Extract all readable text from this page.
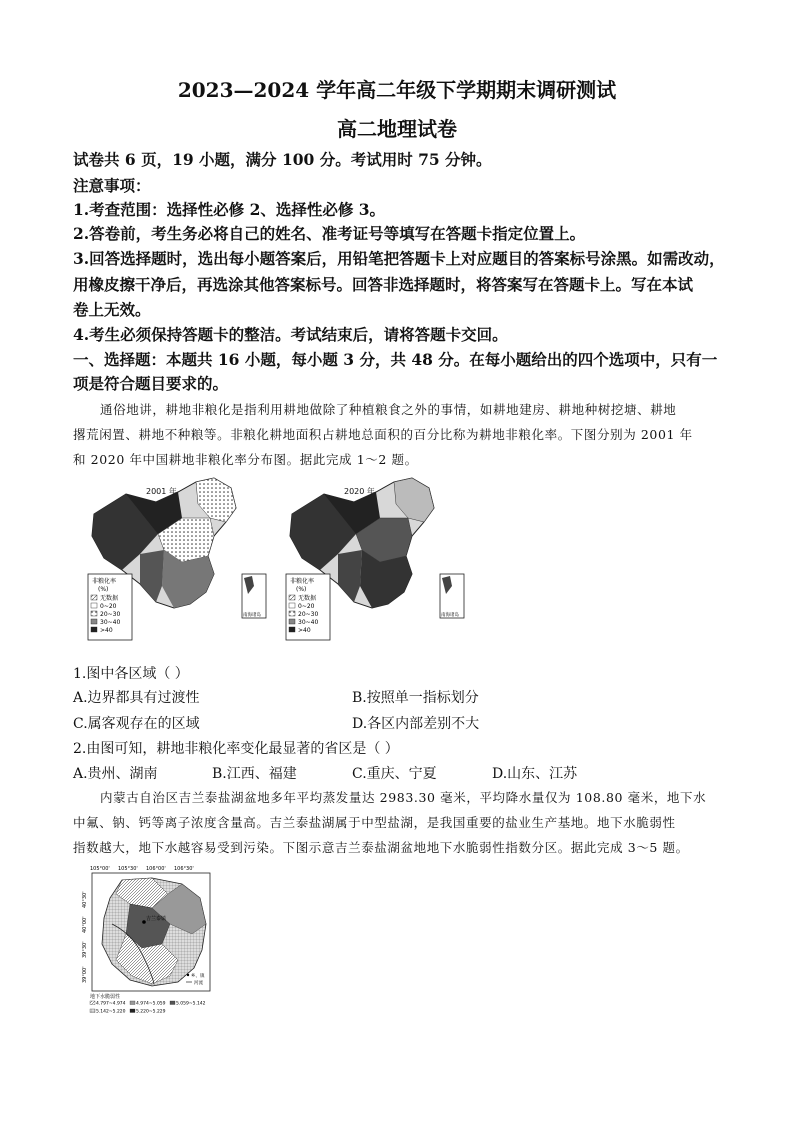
2023—2024 学年高二年级下学期期末调研测试
高二地理试卷
试卷共 6 页，19 小题，满分 100 分。考试用时 75 分钟。
注意事项：
1.考查范围：选择性必修 2、选择性必修 3。
2.答卷前，考生务必将自己的姓名、准考证号等填写在答题卡指定位置上。
3.回答选择题时，选出每小题答案后，用铅笔把答题卡上对应题目的答案标号涂黑。如需改动，
用橡皮擦干净后，再选涂其他答案标号。回答非选择题时，将答案写在答题卡上。写在本试
卷上无效。
4.考生必须保持答题卡的整洁。考试结束后，请将答题卡交回。
一、选择题：本题共 16 小题，每小题 3 分，共 48 分。在每小题给出的四个选项中，只有一
项是符合题目要求的。
通俗地讲，耕地非粮化是指利用耕地做除了种植粮食之外的事情，如耕地建房、耕地种树挖塘、耕地
撂荒闲置、耕地不种粮等。非粮化耕地面积占耕地总面积的百分比称为耕地非粮化率。下图分别为 2001 年
和 2020 年中国耕地非粮化率分布图。据此完成 1～2 题。
2001 年
非粮化率
(%)
无数据
0~20
20~30
30~40
>40
南海诸岛
2020 年
非粮化率
(%)
无数据
0~20
20~30
30~40
>40
南海诸岛
1.图中各区域（ ）
A.边界都具有过渡性	B.按照单一指标划分
C.属客观存在的区域	D.各区内部差别不大
2.由图可知，耕地非粮化率变化最显著的省区是（ ）
A.贵州、湖南	B.江西、福建	C.重庆、宁夏	D.山东、江苏
内蒙古自治区吉兰泰盐湖盆地多年平均蒸发量达 2983.30 毫米，平均降水量仅为 108.80 毫米，地下水
中氟、钠、钙等离子浓度含量高。吉兰泰盐湖属于中型盐湖，是我国重要的盐业生产基地。地下水脆弱性
指数越大，地下水越容易受到污染。下图示意吉兰泰盐湖盆地地下水脆弱性指数分区。据此完成 3～5 题。
105°00' 105°30' 106°00' 106°30'
40°30'
40°00'
39°30'
39°00'
吉兰泰镇
乡、镇
河流
地下水脆弱性
4.797~4.974 4.974~5.059 5.059~5.142
5.142~5.220 5.220~5.229
